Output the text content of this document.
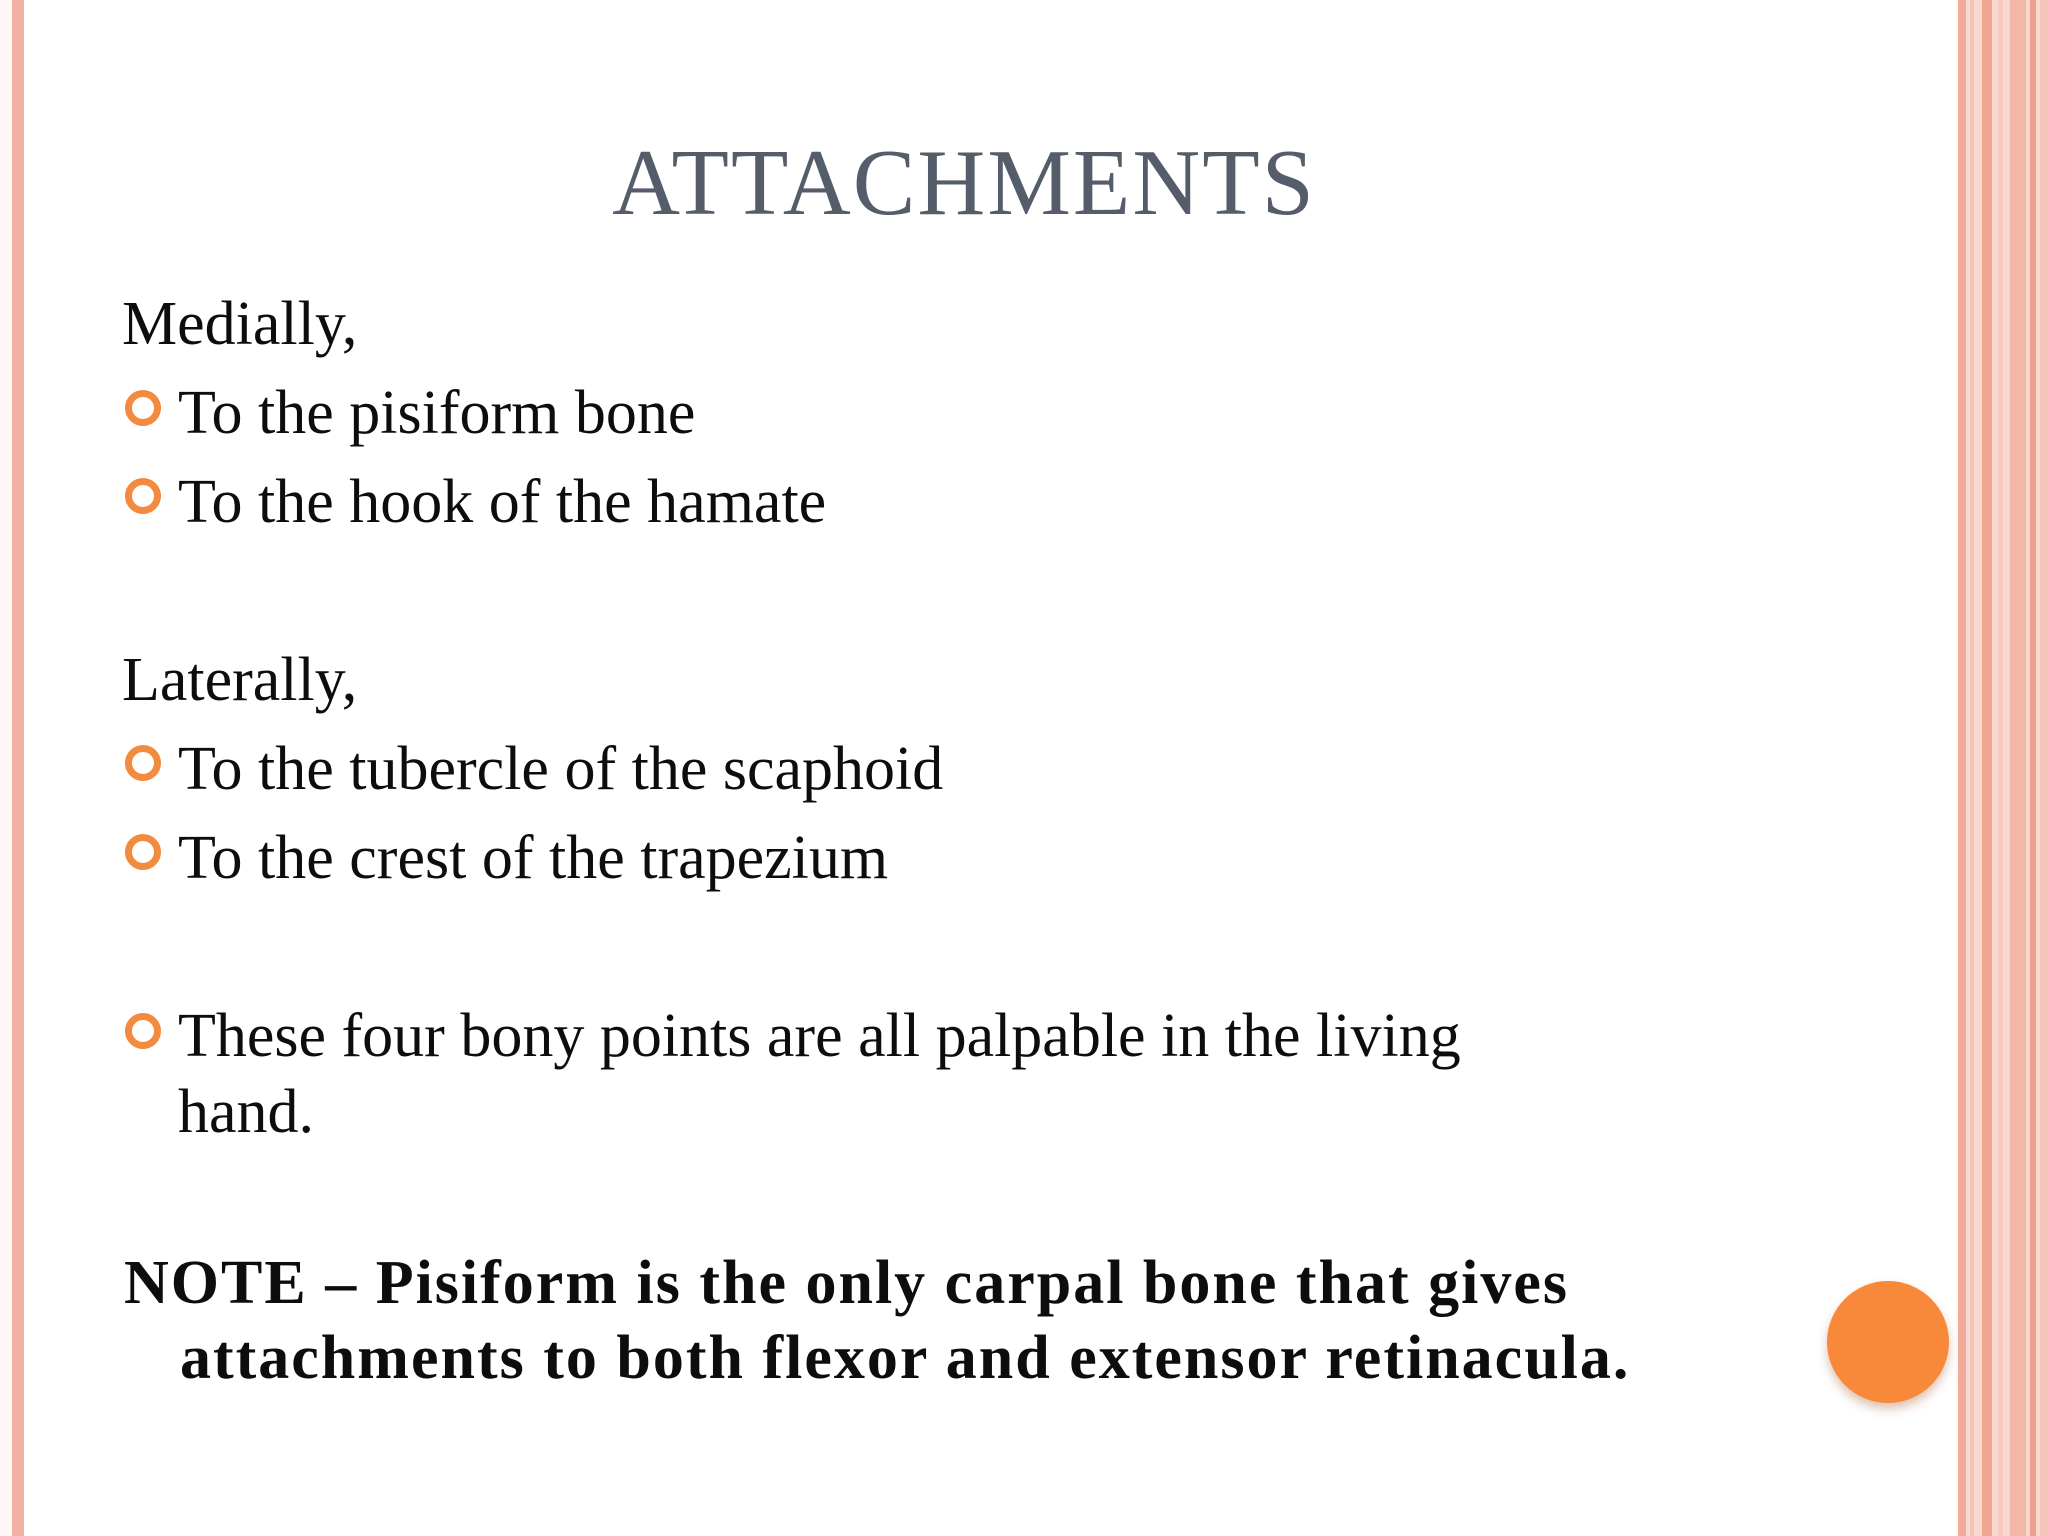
ATTACHMENTS
Medially,
To the pisiform bone
To the hook of the hamate
Laterally,
To the tubercle of the scaphoid
To the crest of the trapezium
These four bony points are all palpable in the living
hand.
NOTE – Pisiform is the only carpal bone that gives attachments to both flexor and extensor retinacula.
